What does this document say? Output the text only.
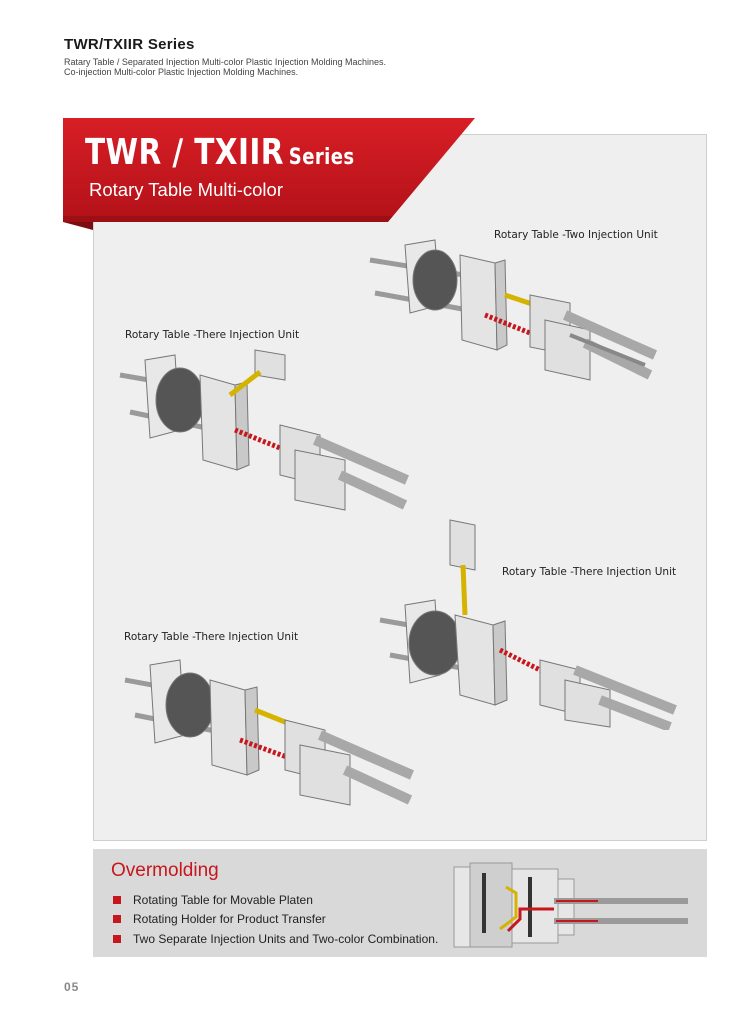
TWR/TXIIR Series
Ratary Table / Separated Injection Multi-color Plastic Injection Molding Machines.
Co-injection Multi-color Plastic Injection Molding Machines.
TWR / TXIIR Series
Rotary Table Multi-color
Rotary Table -Two Injection Unit
Rotary Table -There Injection Unit
Rotary Table -There Injection Unit
Rotary Table -There Injection Unit
Overmolding
Rotating Table for Movable Platen
Rotating Holder for Product Transfer
Two Separate Injection Units and Two-color Combination.
05
